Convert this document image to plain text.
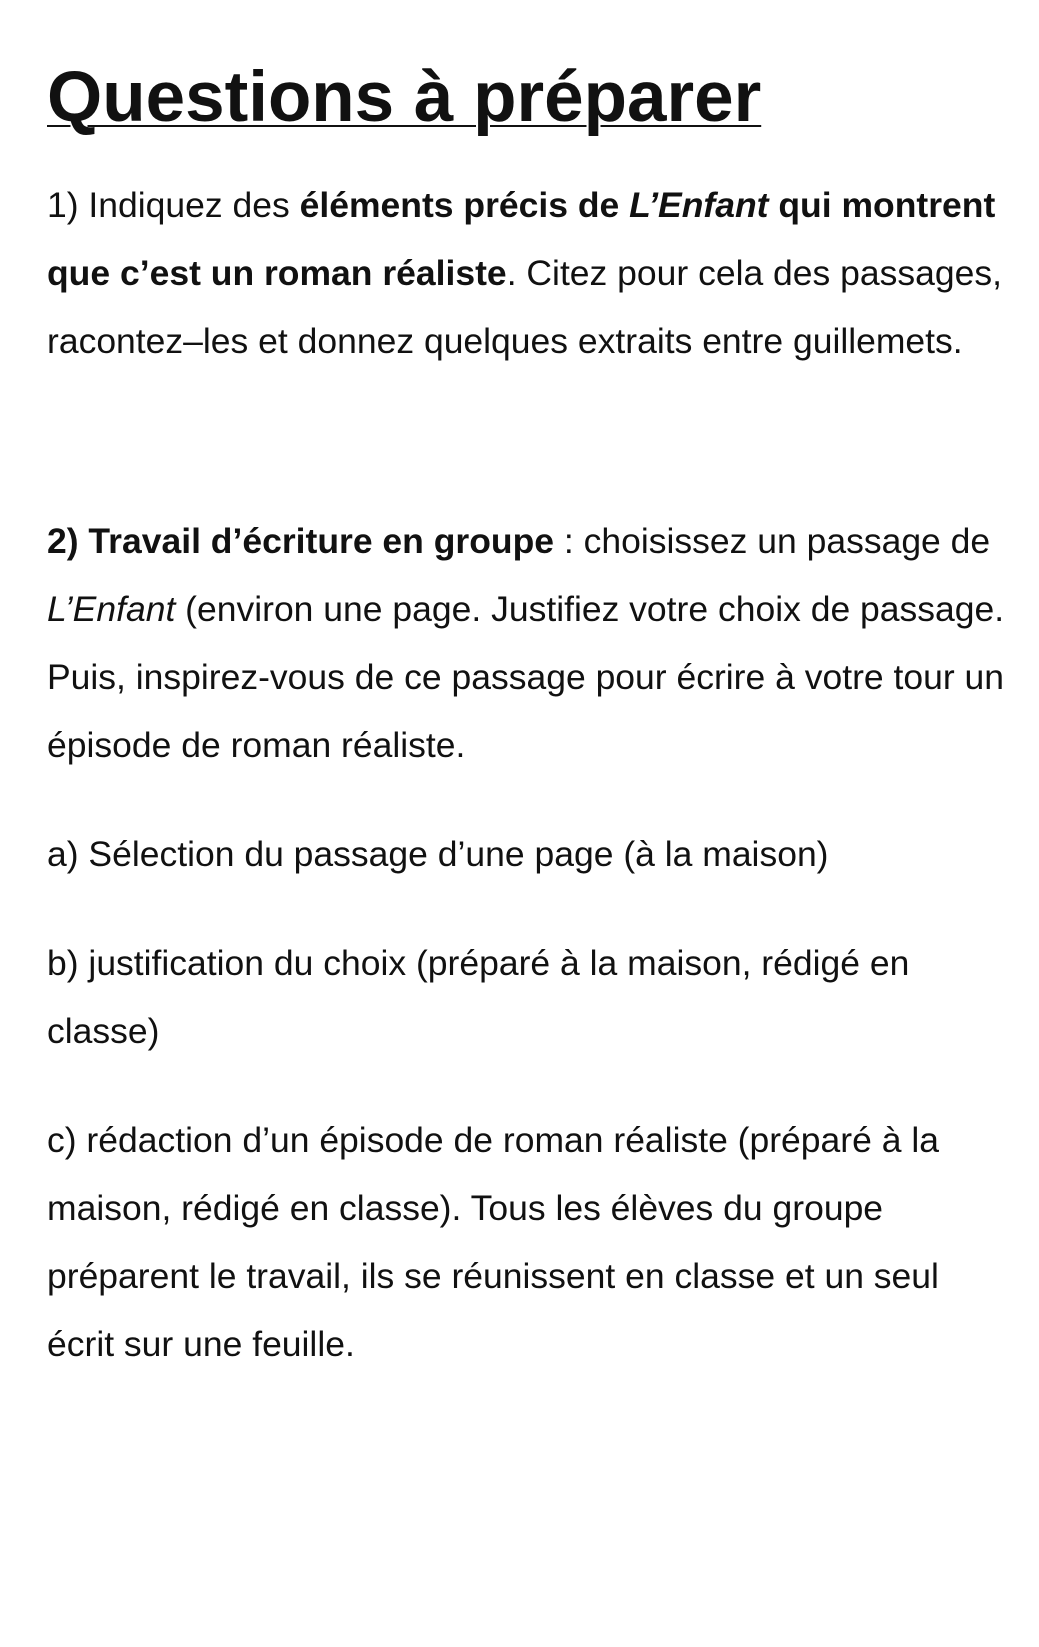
Questions à préparer

1) Indiquez des éléments précis de L’Enfant qui montrent que c’est un roman réaliste. Citez pour cela des passages, racontez–les et donnez quelques extraits entre guillemets.

2) Travail d’écriture en groupe : choisissez un passage de L’Enfant (environ une page. Justifiez votre choix de passage. Puis, inspirez-vous de ce passage pour écrire à votre tour un épisode de roman réaliste.

a) Sélection du passage d’une page (à la maison)

b) justification du choix (préparé à la maison, rédigé en classe)

c) rédaction d’un épisode de roman réaliste (préparé à la maison, rédigé en classe). Tous les élèves du groupe préparent le travail, ils se réunissent en classe et un seul écrit sur une feuille.
